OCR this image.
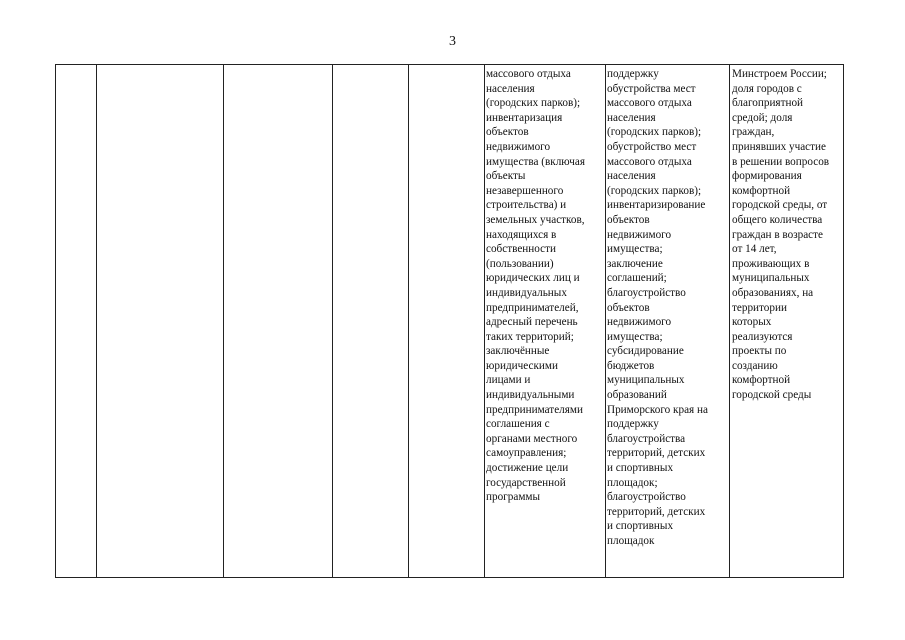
3
массового отдыха
населения
(городских парков);
инвентаризация
объектов
недвижимого
имущества (включая
объекты
незавершенного
строительства) и
земельных участков,
находящихся в
собственности
(пользовании)
юридических лиц и
индивидуальных
предпринимателей,
адресный перечень
таких территорий;
заключённые
юридическими
лицами и
индивидуальными
предпринимателями
соглашения с
органами местного
самоуправления;
достижение цели
государственной
программы
поддержку
обустройства мест
массового отдыха
населения
(городских парков);
обустройство мест
массового отдыха
населения
(городских парков);
инвентаризирование
объектов
недвижимого
имущества;
заключение
соглашений;
благоустройство
объектов
недвижимого
имущества;
субсидирование
бюджетов
муниципальных
образований
Приморского края на
поддержку
благоустройства
территорий, детских
и спортивных
площадок;
благоустройство
территорий, детских
и спортивных
площадок
Минстроем России;
доля городов с
благоприятной
средой; доля
граждан,
принявших участие
в решении вопросов
формирования
комфортной
городской среды, от
общего количества
граждан в возрасте
от 14 лет,
проживающих в
муниципальных
образованиях, на
территории
которых
реализуются
проекты по
созданию
комфортной
городской среды
